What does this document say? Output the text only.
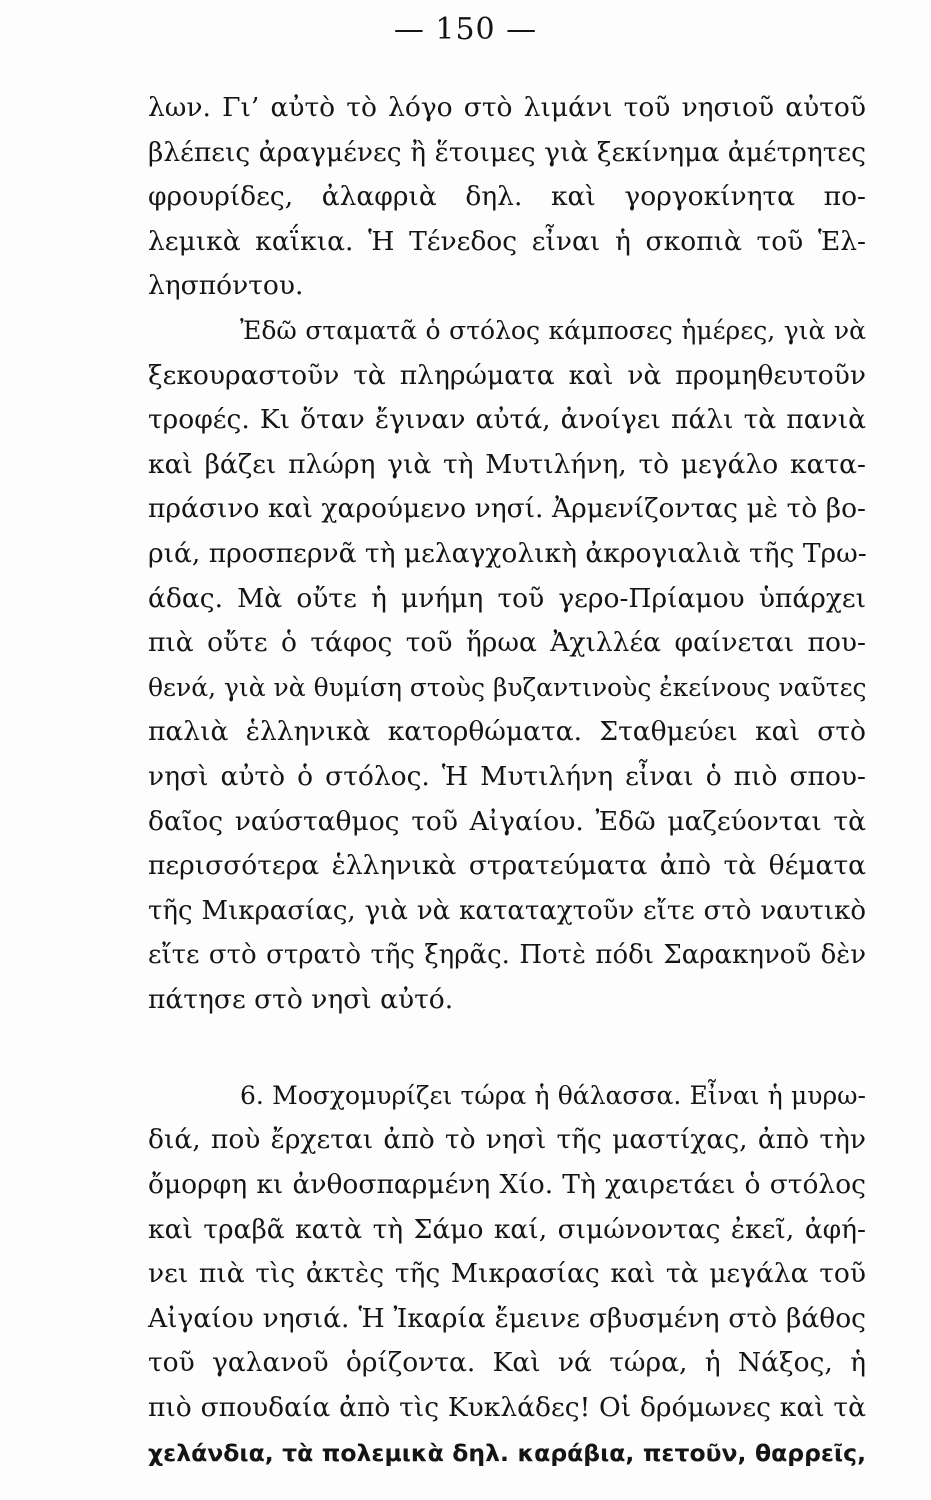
— 150 —
λων. Γι’ αὐτὸ τὸ λόγο στὸ λιμάνι τοῦ νησιοῦ αὐτοῦ
βλέπεις ἀραγμένες ἢ ἕτοιμες γιὰ ξεκίνημα ἀμέτρητες
φρουρίδες, ἀλαφριὰ δηλ. καὶ γοργοκίνητα πο-
λεμικὰ καΐκια. Ἡ Τένεδος εἶναι ἡ σκοπιὰ τοῦ Ἑλ-
λησπόντου.
Ἐδῶ σταματᾶ ὁ στόλος κάμποσες ἡμέρες, γιὰ νὰ
ξεκουραστοῦν τὰ πληρώματα καὶ νὰ προμηθευτοῦν
τροφές. Κι ὅταν ἔγιναν αὐτά, ἀνοίγει πάλι τὰ πανιὰ
καὶ βάζει πλώρη γιὰ τὴ Μυτιλήνη, τὸ μεγάλο κατα-
πράσινο καὶ χαρούμενο νησί. Ἀρμενίζοντας μὲ τὸ βο-
ριά, προσπερνᾶ τὴ μελαγχολικὴ ἀκρογιαλιὰ τῆς Τρω-
άδας. Μὰ οὔτε ἡ μνήμη τοῦ γερο-Πρίαμου ὑπάρχει
πιὰ οὔτε ὁ τάφος τοῦ ἥρωα Ἀχιλλέα φαίνεται που-
θενά, γιὰ νὰ θυμίση στοὺς βυζαντινοὺς ἐκείνους ναῦτες
παλιὰ ἑλληνικὰ κατορθώματα. Σταθμεύει καὶ στὸ
νησὶ αὐτὸ ὁ στόλος. Ἡ Μυτιλήνη εἶναι ὁ πιὸ σπου-
δαῖος ναύσταθμος τοῦ Αἰγαίου. Ἐδῶ μαζεύονται τὰ
περισσότερα ἑλληνικὰ στρατεύματα ἀπὸ τὰ θέματα
τῆς Μικρασίας, γιὰ νὰ καταταχτοῦν εἴτε στὸ ναυτικὸ
εἴτε στὸ στρατὸ τῆς ξηρᾶς. Ποτὲ πόδι Σαρακηνοῦ δὲν
πάτησε στὸ νησὶ αὐτό.
6. Μοσχομυρίζει τώρα ἡ θάλασσα. Εἶναι ἡ μυρω-
διά, ποὺ ἔρχεται ἀπὸ τὸ νησὶ τῆς μαστίχας, ἀπὸ τὴν
ὄμορφη κι ἀνθοσπαρμένη Χίο. Τὴ χαιρετάει ὁ στόλος
καὶ τραβᾶ κατὰ τὴ Σάμο καί, σιμώνοντας ἐκεῖ, ἀφή-
νει πιὰ τὶς ἀκτὲς τῆς Μικρασίας καὶ τὰ μεγάλα τοῦ
Αἰγαίου νησιά. Ἡ Ἰκαρία ἔμεινε σβυσμένη στὸ βάθος
τοῦ γαλανοῦ ὁρίζοντα. Καὶ νά τώρα, ἡ Νάξος, ἡ
πιὸ σπουδαία ἀπὸ τὶς Κυκλάδες! Οἱ δρόμωνες καὶ τὰ
χελάνδια, τὰ πολεμικὰ δηλ. καράβια, πετοῦν, θαρρεῖς,
